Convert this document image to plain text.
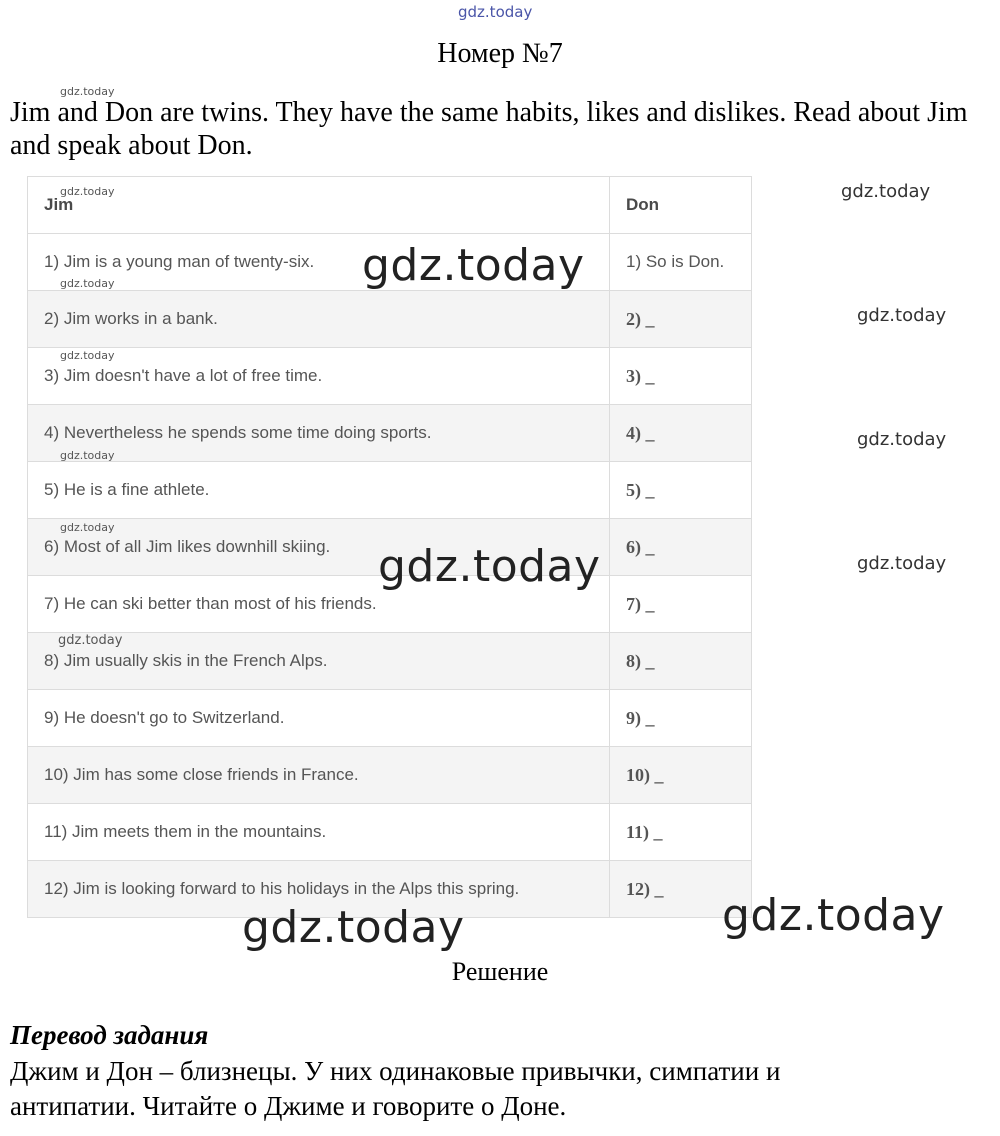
gdz.today
Номер №7
gdz.today
Jim and Don are twins. They have the same habits, likes and dislikes. Read about Jim and speak about Don.
Jim	Don
1) Jim is a young man of twenty-six.	1) So is Don.
2) Jim works in a bank.	2) _
3) Jim doesn't have a lot of free time.	3) _
4) Nevertheless he spends some time doing sports.	4) _
5) He is a fine athlete.	5) _
6) Most of all Jim likes downhill skiing.	6) _
7) He can ski better than most of his friends.	7) _
8) Jim usually skis in the French Alps.	8) _
9) He doesn't go to Switzerland.	9) _
10) Jim has some close friends in France.	10) _
11) Jim meets them in the mountains.	11) _
12) Jim is looking forward to his holidays in the Alps this spring.	12) _
gdz.today
gdz.today
gdz.today
gdz.today
gdz.today
gdz.today
gdz.today
gdz.today
gdz.today
gdz.today
gdz.today
gdz.today
gdz.today	gdz.today
Решение
Перевод задания
Джим и Дон – близнецы. У них одинаковые привычки, симпатии и антипатии. Читайте о Джиме и говорите о Доне.
